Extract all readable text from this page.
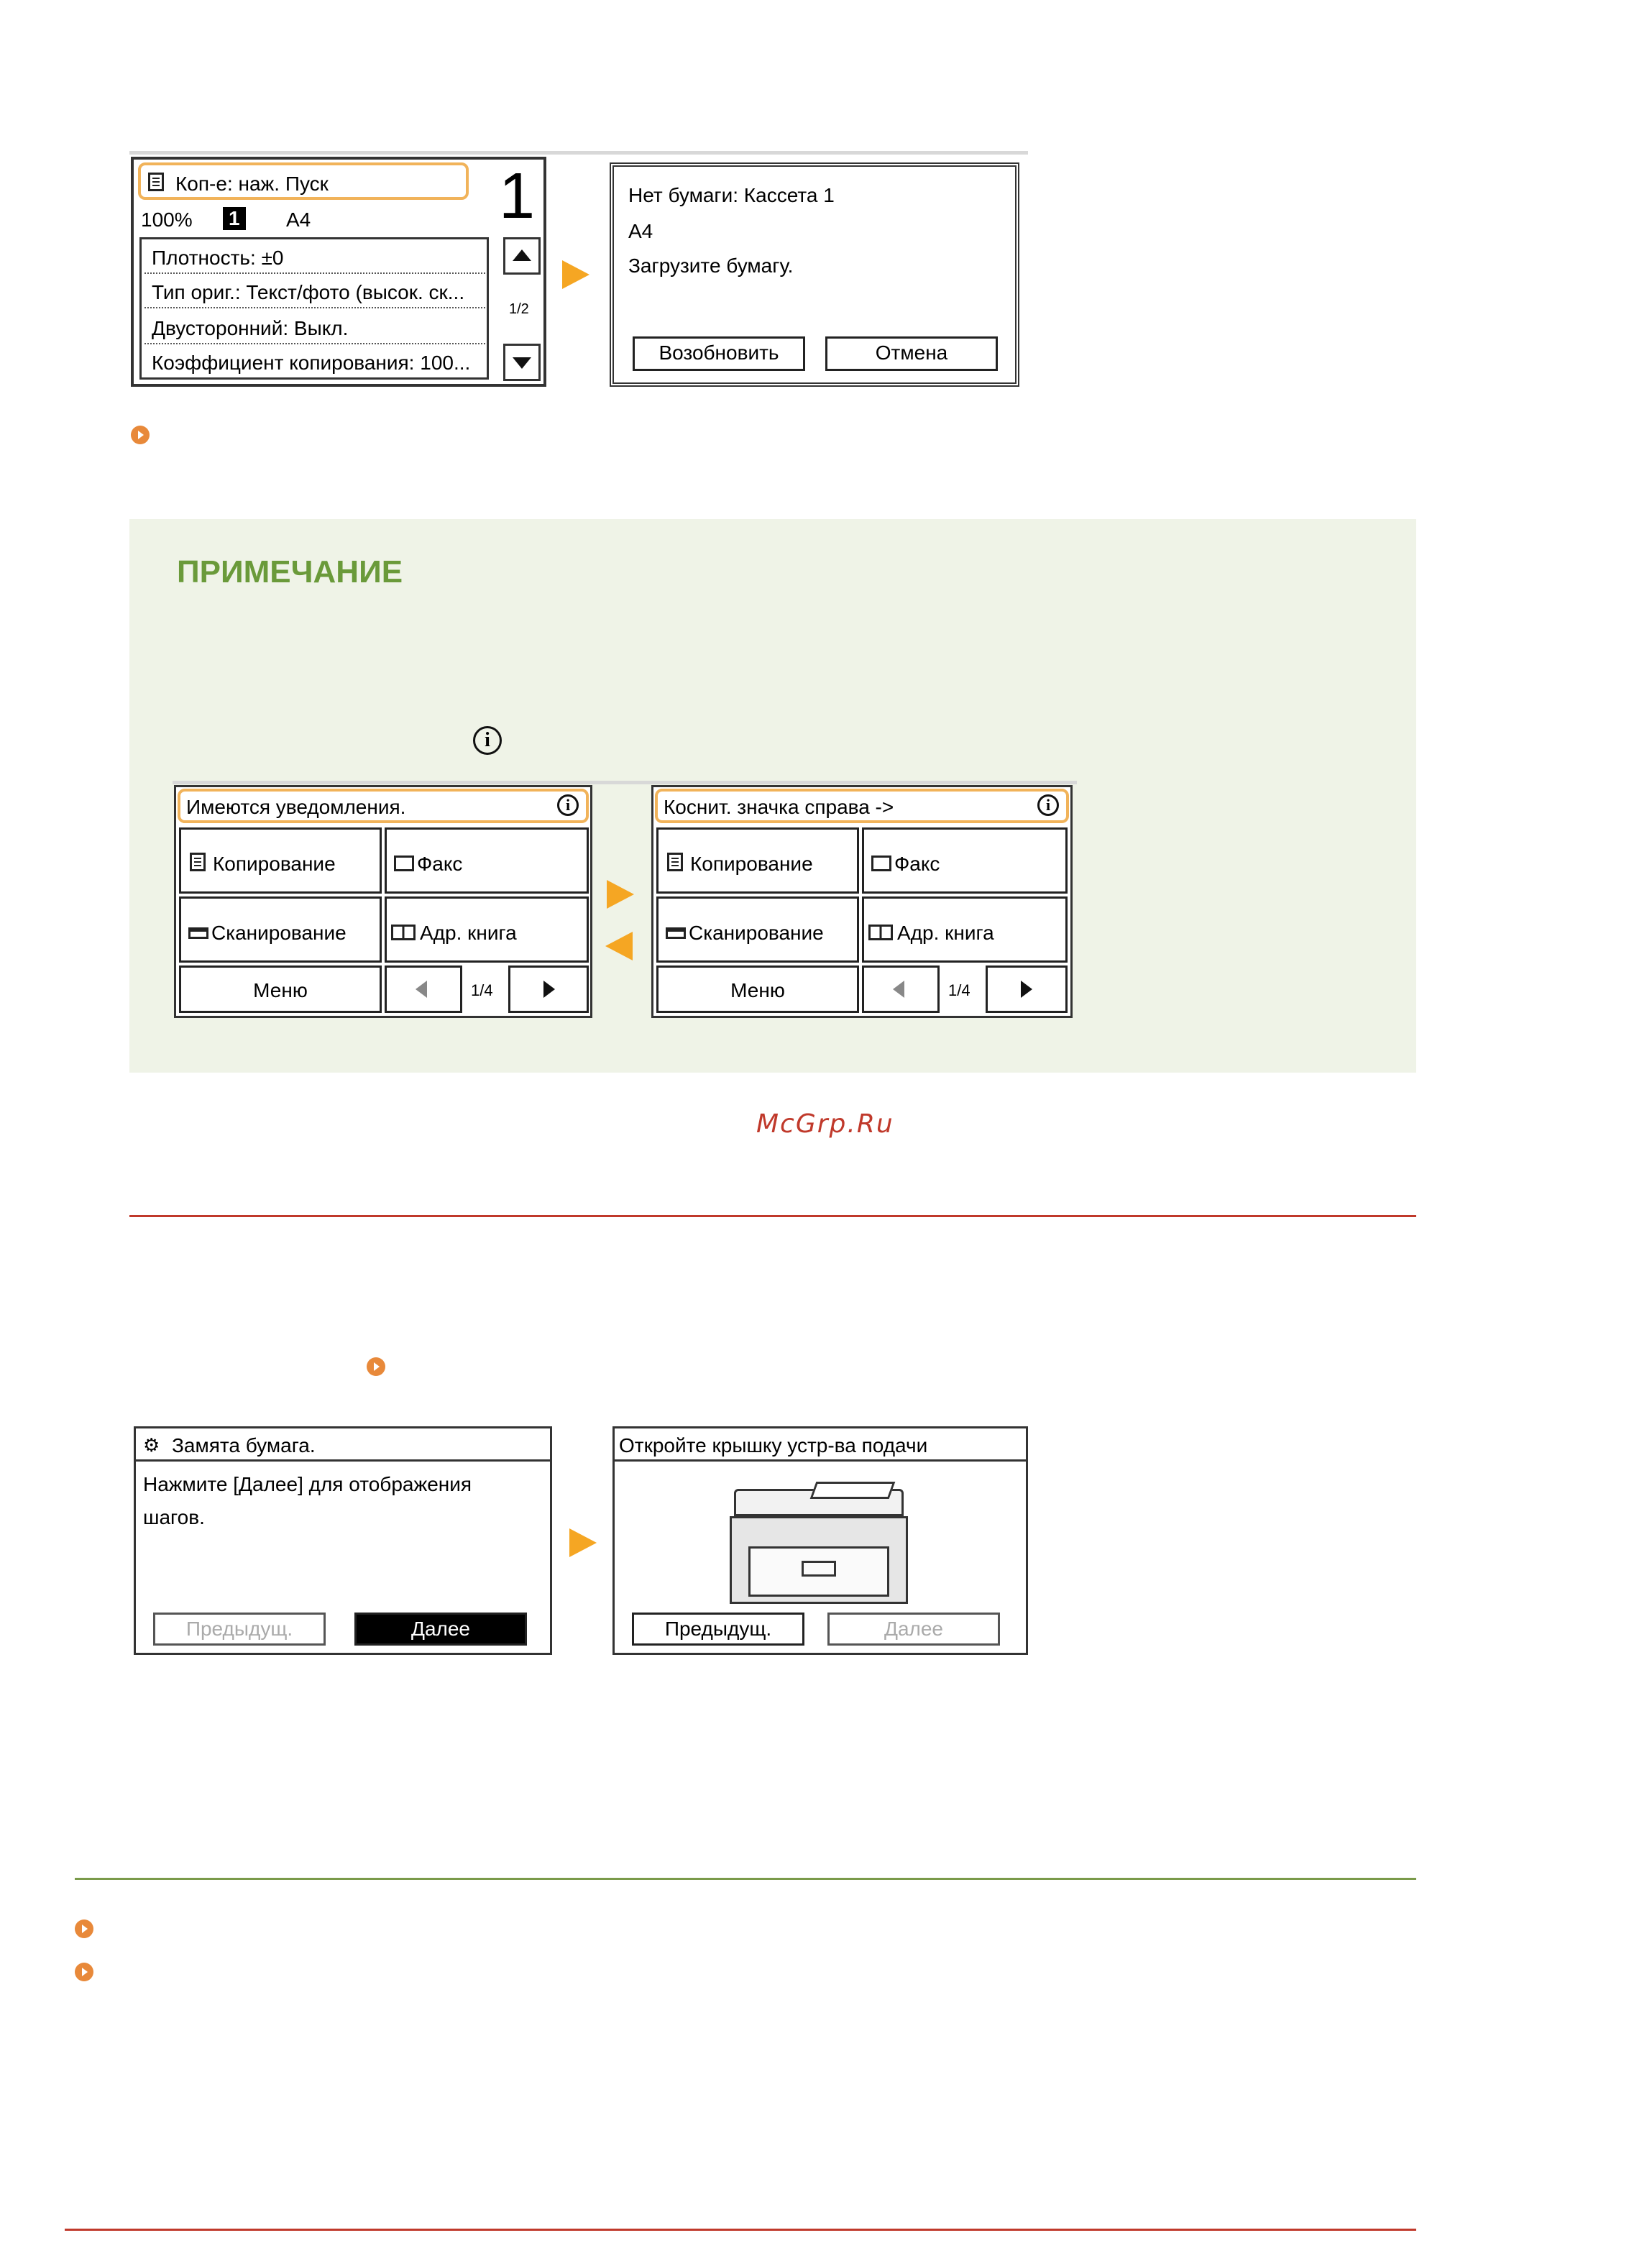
Коп-е: наж. Пуск	1
100% 1 A4
Плотность: ±0
Тип ориг.: Текст/фото (высок. ск...
Двусторонний: Выкл.
Коэффициент копирования: 100...
1/2
Нет бумаги: Кассета 1
A4
Загрузите бумагу.
Возобновить	Отмена
ПРИМЕЧАНИЕ
i
Имеются уведомления.	i
Копирование	Факс
Сканирование	Адр. книга
Меню	1/4
Коснит. значка справа ->	i
Копирование	Факс
Сканирование	Адр. книга
Меню	1/4
McGrp.Ru
⚙ Замята бумага.
Нажмите [Далее] для отображения
шагов.
Предыдущ.	Далее
Откройте крышку устр-ва подачи
Предыдущ.	Далее
